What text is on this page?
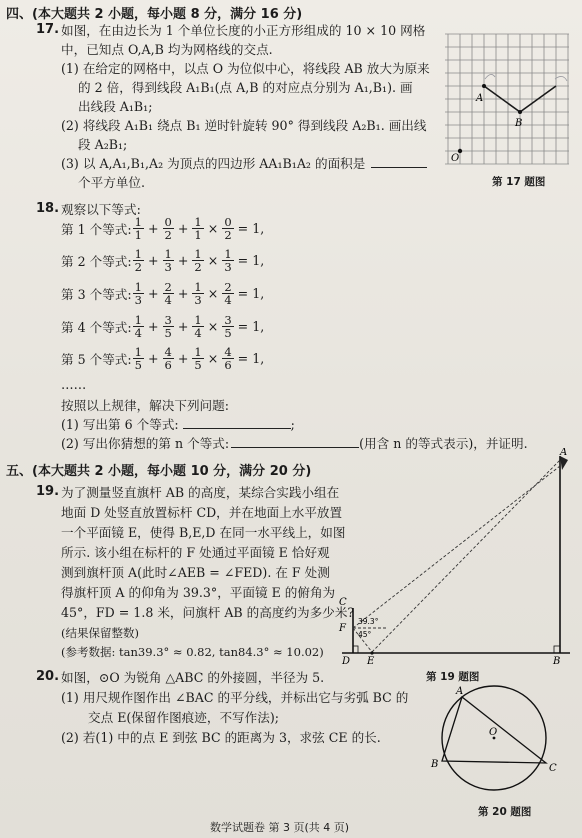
四、(本大题共 2 小题，每小题 8 分，满分 16 分)
17. 如图，在由边长为 1 个单位长度的小正方形组成的 10 × 10 网格
中，已知点 O,A,B 均为网格线的交点.
(1) 在给定的网格中，以点 O 为位似中心，将线段 AB 放大为原来
的 2 倍，得到线段 A₁B₁(点 A,B 的对应点分别为 A₁,B₁). 画
出线段 A₁B₁;
(2) 将线段 A₁B₁ 绕点 B₁ 逆时针旋转 90° 得到线段 A₂B₁. 画出线
段 A₂B₁;
(3) 以 A,A₁,B₁,A₂ 为顶点的四边形 AA₁B₁A₂ 的面积是
个平方单位.
A
B
O
第 17 题图
18. 观察以下等式:
第 1 个等式: $\frac{1}{1} + \frac{0}{2} + \frac{1}{1} \times \frac{0}{2} = 1$,
第 2 个等式: $\frac{1}{2} + \frac{1}{3} + \frac{1}{2} \times \frac{1}{3} = 1$,
第 3 个等式: $\frac{1}{3} + \frac{2}{4} + \frac{1}{3} \times \frac{2}{4} = 1$,
第 4 个等式: $\frac{1}{4} + \frac{3}{5} + \frac{1}{4} \times \frac{3}{5} = 1$,
第 5 个等式: $\frac{1}{5} + \frac{4}{6} + \frac{1}{5} \times \frac{4}{6} = 1$,
……
按照以上规律，解决下列问题:
(1) 写出第 6 个等式:	;
(2) 写出你猜想的第 n 个等式:	(用含 n 的等式表示)，并证明.
五、(本大题共 2 小题，每小题 10 分，满分 20 分)
19. 为了测量竖直旗杆 AB 的高度，某综合实践小组在
地面 D 处竖直放置标杆 CD，并在地面上水平放置
一个平面镜 E，使得 B,E,D 在同一水平线上，如图
所示. 该小组在标杆的 F 处通过平面镜 E 恰好观
测到旗杆顶 A(此时∠AEB = ∠FED). 在 F 处测
得旗杆顶 A 的仰角为 39.3°，平面镜 E 的俯角为
45°，FD = 1.8 米，问旗杆 AB 的高度约为多少米?
(结果保留整数)
(参考数据: tan39.3° ≈ 0.82, tan84.3° ≈ 10.02)
C
F
D E	B
A
39.3°
45°
第 19 题图
20. 如图，⊙O 为锐角 △ABC 的外接圆，半径为 5.
(1) 用尺规作图作出 ∠BAC 的平分线，并标出它与劣弧 BC 的
交点 E(保留作图痕迹，不写作法);
(2) 若(1) 中的点 E 到弦 BC 的距离为 3，求弦 CE 的长.
A
B	C
O
第 20 题图
数学试题卷 第 3 页(共 4 页)
